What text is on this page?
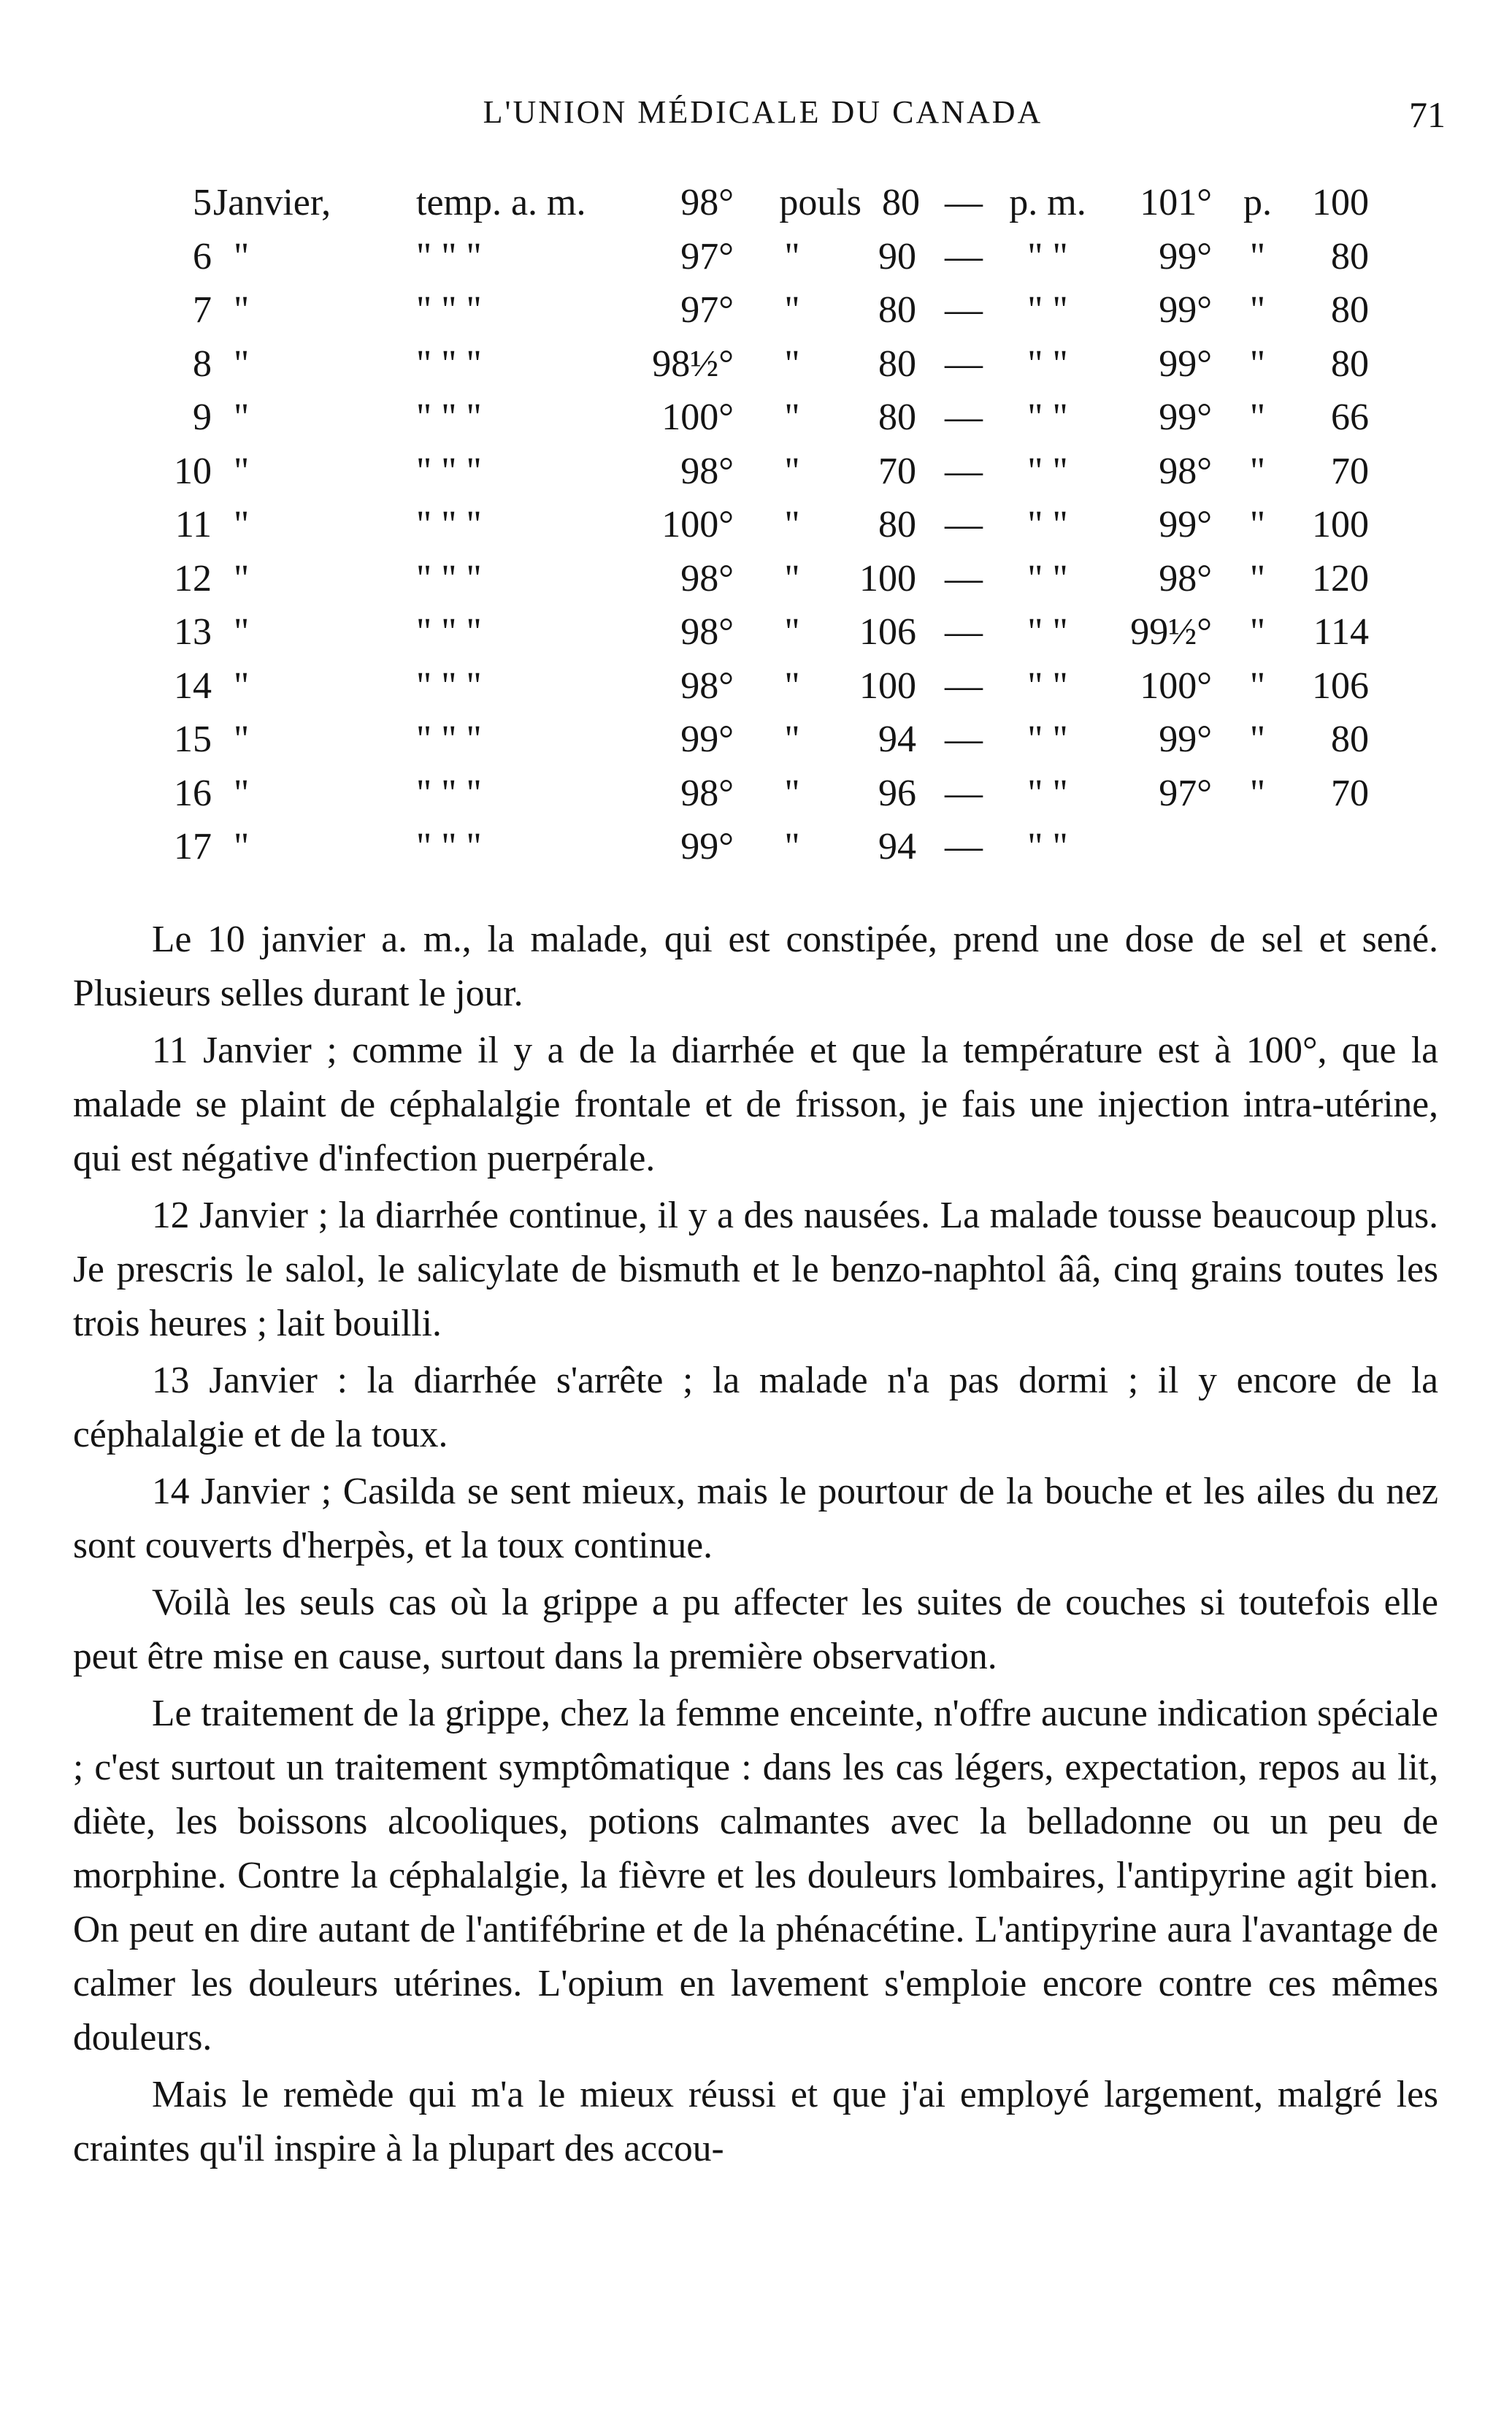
L'UNION MÉDICALE DU CANADA	71
5 Janvier, temp. a. m.	98°	pouls 80 — p. m.	101° p.	100
6 "	" " "	97° "	90 —	" "	99° "	80
7 "	" " "	97° "	80 —	" "	99° "	80
8 "	" " "	98½° "	80 —	" "	99° "	80
9 "	" " "	100° "	80 —	" "	99° "	66
10 "	" " "	98° "	70 —	" "	98° "	70
11 "	" " "	100° "	80 —	" "	99° "	100
12 "	" " "	98° "	100 —	" "	98° "	120
13 "	" " "	98° "	106 —	" "	99½° "	114
14 "	" " "	98° "	100 —	" "	100° "	106
15 "	" " "	99° "	94 —	" "	99° "	80
16 "	" " "	98° "	96 —	" "	97° "	70
17 "	" " "	99° "	94 —	" "

Le 10 janvier a. m., la malade, qui est constipée, prend une dose de sel et sené. Plusieurs selles durant le jour.

11 Janvier ; comme il y a de la diarrhée et que la température est à 100°, que la malade se plaint de céphalalgie frontale et de frisson, je fais une injection intra-utérine, qui est négative d'infection puerpérale.

12 Janvier ; la diarrhée continue, il y a des nausées. La malade tousse beaucoup plus. Je prescris le salol, le salicylate de bismuth et le benzo-naphtol ââ, cinq grains toutes les trois heures ; lait bouilli.

13 Janvier : la diarrhée s'arrête ; la malade n'a pas dormi ; il y encore de la céphalalgie et de la toux.

14 Janvier ; Casilda se sent mieux, mais le pourtour de la bouche et les ailes du nez sont couverts d'herpès, et la toux continue.

Voilà les seuls cas où la grippe a pu affecter les suites de couches si toutefois elle peut être mise en cause, surtout dans la première observation.

Le traitement de la grippe, chez la femme enceinte, n'offre aucune indication spéciale ; c'est surtout un traitement symptômatique : dans les cas légers, expectation, repos au lit, diète, les boissons alcooliques, potions calmantes avec la belladonne ou un peu de morphine. Contre la céphalalgie, la fièvre et les douleurs lombaires, l'antipyrine agit bien. On peut en dire autant de l'antifébrine et de la phénacétine. L'antipyrine aura l'avantage de calmer les douleurs utérines. L'opium en lavement s'emploie encore contre ces mêmes douleurs.

Mais le remède qui m'a le mieux réussi et que j'ai employé largement, malgré les craintes qu'il inspire à la plupart des accou-
